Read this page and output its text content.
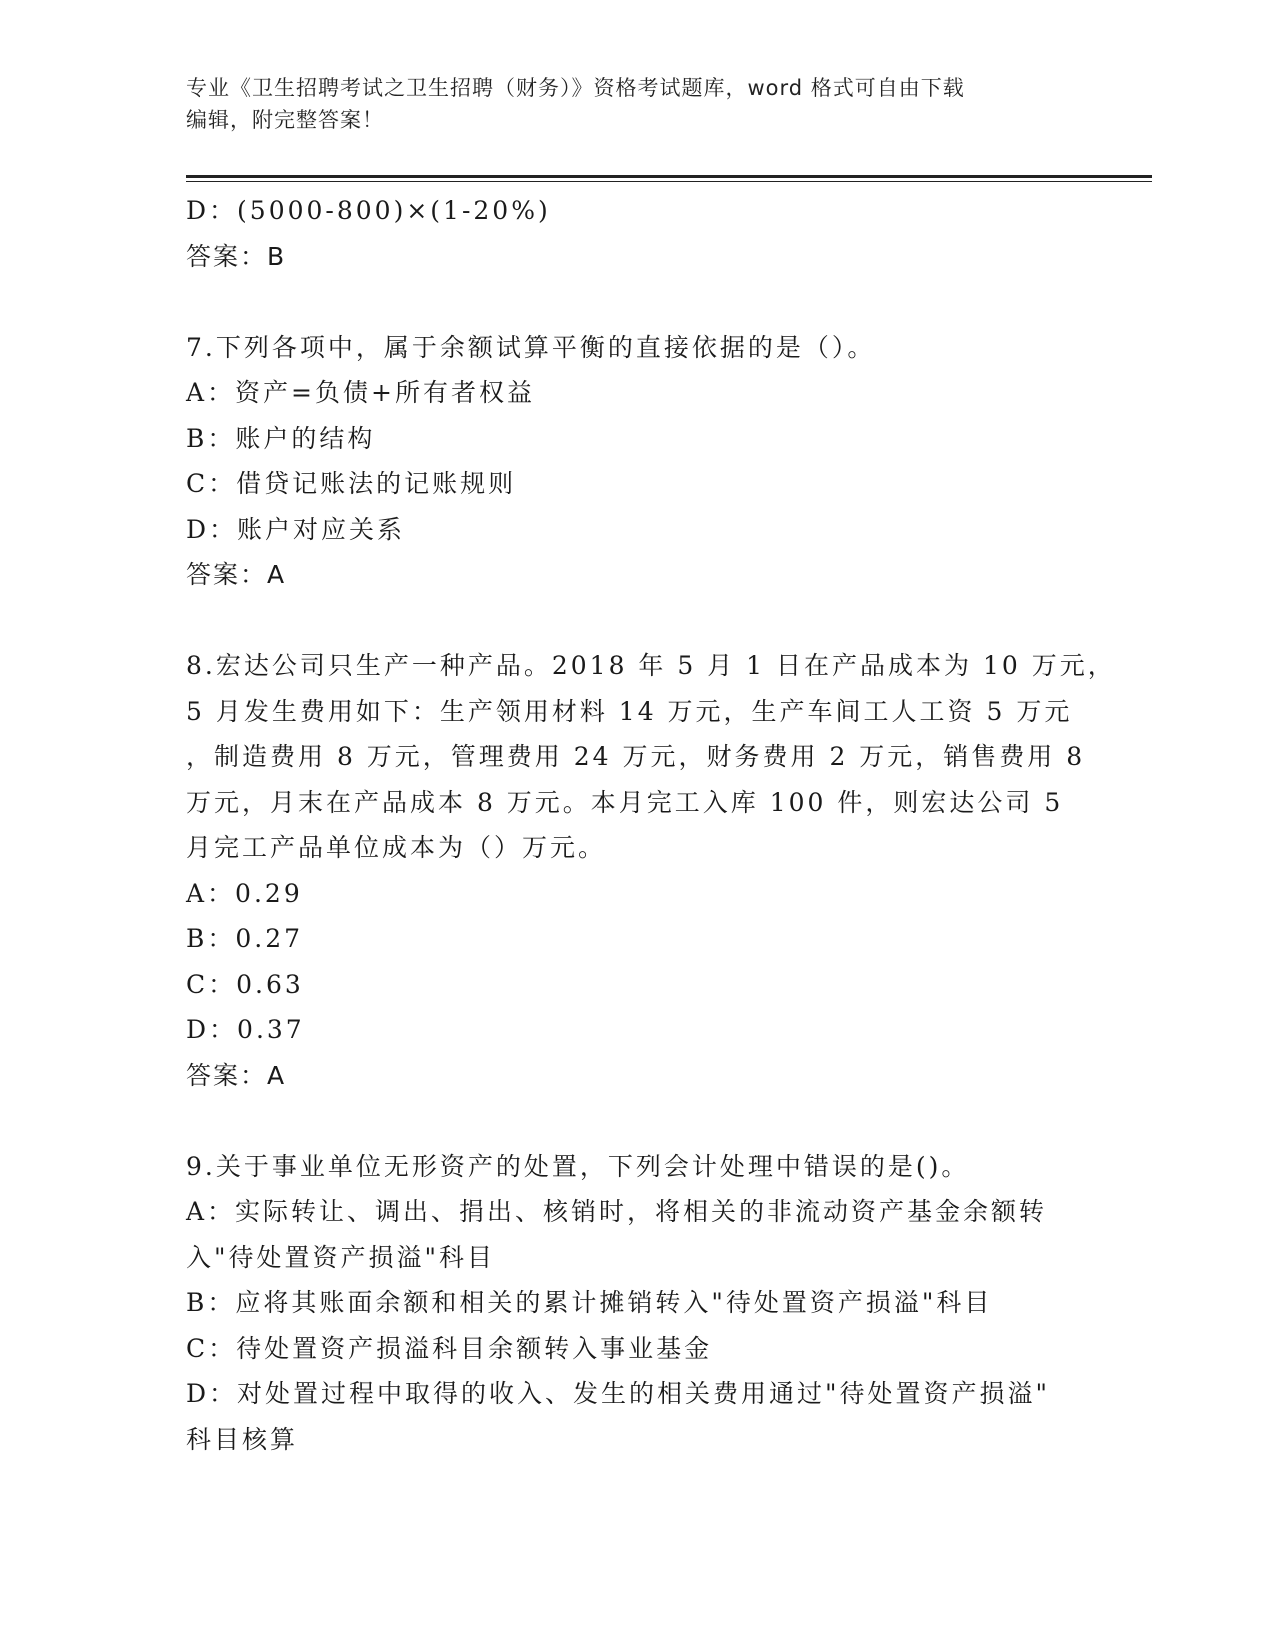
专业《卫生招聘考试之卫生招聘（财务）》资格考试题库，word 格式可自由下载
编辑，附完整答案！
D：(5000-800)×(1-20%)
答案：B
7.下列各项中，属于余额试算平衡的直接依据的是（）。
A：资产=负债+所有者权益
B：账户的结构
C：借贷记账法的记账规则
D：账户对应关系
答案：A
8.宏达公司只生产一种产品。2018 年 5 月 1 日在产品成本为 10 万元，
5 月发生费用如下：生产领用材料 14 万元，生产车间工人工资 5 万元
，制造费用 8 万元，管理费用 24 万元，财务费用 2 万元，销售费用 8
万元，月末在产品成本 8 万元。本月完工入库 100 件，则宏达公司 5
月完工产品单位成本为（）万元。
A：0.29
B：0.27
C：0.63
D：0.37
答案：A
9.关于事业单位无形资产的处置，下列会计处理中错误的是()。
A：实际转让、调出、捐出、核销时，将相关的非流动资产基金余额转
入"待处置资产损溢"科目
B：应将其账面余额和相关的累计摊销转入"待处置资产损溢"科目
C：待处置资产损溢科目余额转入事业基金
D：对处置过程中取得的收入、发生的相关费用通过"待处置资产损溢"
科目核算
